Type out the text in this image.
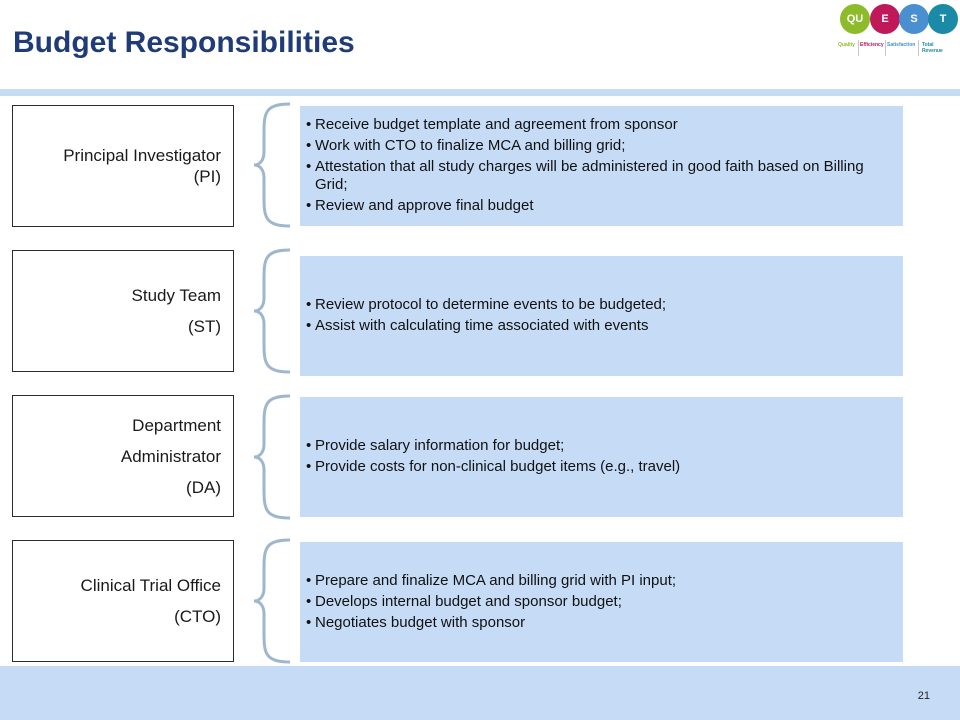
Budget Responsibilities
QU	E	S	T
Quality Efficiency Satisfaction Total Revenue
Principal Investigator
(PI)
• Receive budget template and agreement from sponsor
• Work with CTO to finalize MCA and billing grid;
• Attestation that all study charges will be administered in good faith based on Billing Grid;
• Review and approve final budget
Study Team
(ST)
• Review protocol to determine events to be budgeted;
• Assist with calculating time associated with events
Department
Administrator
(DA)
• Provide salary information for budget;
• Provide costs for non-clinical budget items (e.g., travel)
Clinical Trial Office
(CTO)
• Prepare and finalize MCA and billing grid with PI input;
• Develops internal budget and sponsor budget;
• Negotiates budget with sponsor
21
